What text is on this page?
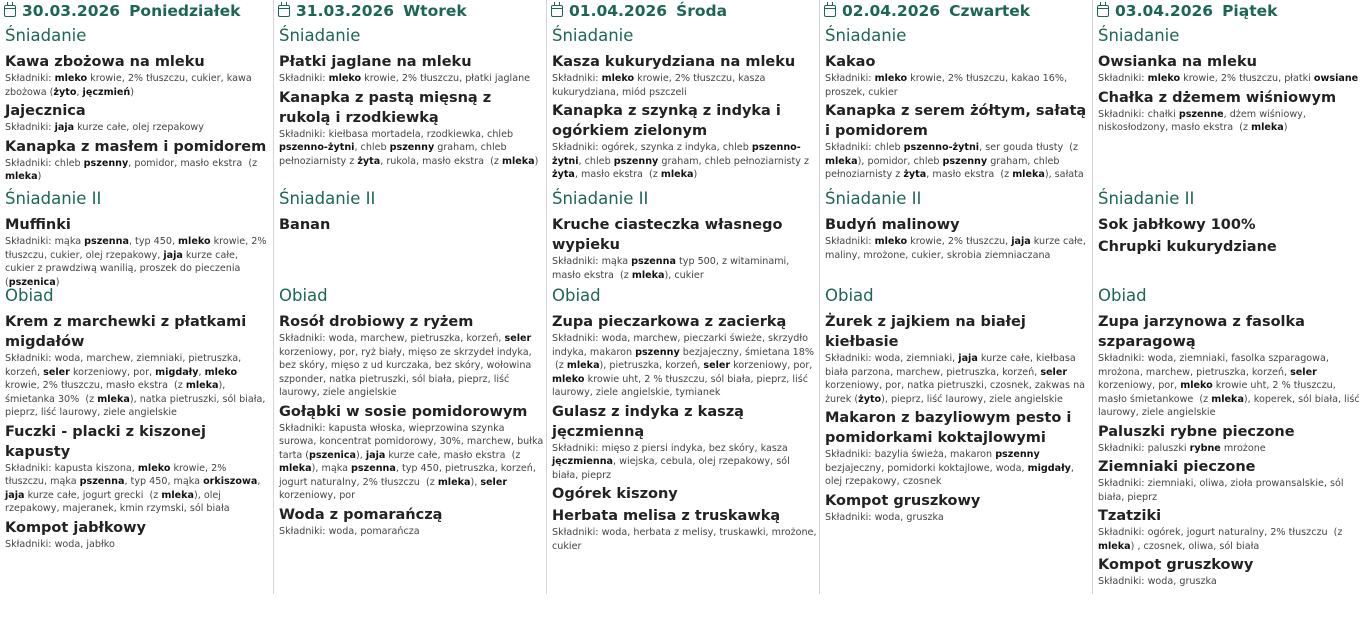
30.03.2026 Poniedziałek
Śniadanie
Kawa zbożowa na mleku
Składniki: mleko krowie, 2% tłuszczu, cukier, kawa zbożowa (żyto, jęczmień)
Jajecznica
Składniki: jaja kurze całe, olej rzepakowy
Kanapka z masłem i pomidorem
Składniki: chleb pszenny, pomidor, masło ekstra  (z mleka)
Śniadanie II
Muffinki
Składniki: mąka pszenna, typ 450, mleko krowie, 2% tłuszczu, cukier, olej rzepakowy, jaja kurze całe, cukier z prawdziwą wanilią, proszek do pieczenia (pszenica)
Obiad
Krem z marchewki z płatkami migdałów
Składniki: woda, marchew, ziemniaki, pietruszka, korzeń, seler korzeniowy, por, migdały, mleko krowie, 2% tłuszczu, masło ekstra  (z mleka), śmietanka 30%  (z mleka), natka pietruszki, sól biała, pieprz, liść laurowy, ziele angielskie
Fuczki - placki z kiszonej kapusty
Składniki: kapusta kiszona, mleko krowie, 2% tłuszczu, mąka pszenna, typ 450, mąka orkiszowa, jaja kurze całe, jogurt grecki  (z mleka), olej rzepakowy, majeranek, kmin rzymski, sól biała
Kompot jabłkowy
Składniki: woda, jabłko
31.03.2026 Wtorek
Śniadanie
Płatki jaglane na mleku
Składniki: mleko krowie, 2% tłuszczu, płatki jaglane
Kanapka z pastą mięsną z rukolą i rzodkiewką
Składniki: kiełbasa mortadela, rzodkiewka, chleb pszenno-żytni, chleb pszenny graham, chleb pełnoziarnisty z żyta, rukola, masło ekstra  (z mleka)
Śniadanie II
Banan
Obiad
Rosół drobiowy z ryżem
Składniki: woda, marchew, pietruszka, korzeń, seler korzeniowy, por, ryż biały, mięso ze skrzydeł indyka, bez skóry, mięso z ud kurczaka, bez skóry, wołowina szponder, natka pietruszki, sól biała, pieprz, liść laurowy, ziele angielskie
Gołąbki w sosie pomidorowym
Składniki: kapusta włoska, wieprzowina szynka surowa, koncentrat pomidorowy, 30%, marchew, bułka tarta (pszenica), jaja kurze całe, masło ekstra  (z mleka), mąka pszenna, typ 450, pietruszka, korzeń, jogurt naturalny, 2% tłuszczu  (z mleka), seler korzeniowy, por
Woda z pomarańczą
Składniki: woda, pomarańcza
01.04.2026 Środa
Śniadanie
Kasza kukurydziana na mleku
Składniki: mleko krowie, 2% tłuszczu, kasza kukurydziana, miód pszczeli
Kanapka z szynką z indyka i ogórkiem zielonym
Składniki: ogórek, szynka z indyka, chleb pszenno-żytni, chleb pszenny graham, chleb pełnoziarnisty z żyta, masło ekstra  (z mleka)
Śniadanie II
Kruche ciasteczka własnego wypieku
Składniki: mąka pszenna typ 500, z witaminami, masło ekstra  (z mleka), cukier
Obiad
Zupa pieczarkowa z zacierką
Składniki: woda, marchew, pieczarki świeże, skrzydło indyka, makaron pszenny bezjajeczny, śmietana 18%  (z mleka), pietruszka, korzeń, seler korzeniowy, por, mleko krowie uht, 2 % tłuszczu, sól biała, pieprz, liść laurowy, ziele angielskie, tymianek
Gulasz z indyka z kaszą jęczmienną
Składniki: mięso z piersi indyka, bez skóry, kasza jęczmienna, wiejska, cebula, olej rzepakowy, sól biała, pieprz
Ogórek kiszony
Herbata melisa z truskawką
Składniki: woda, herbata z melisy, truskawki, mrożone, cukier
02.04.2026 Czwartek
Śniadanie
Kakao
Składniki: mleko krowie, 2% tłuszczu, kakao 16%, proszek, cukier
Kanapka z serem żółtym, sałatą i pomidorem
Składniki: chleb pszenno-żytni, ser gouda tłusty  (z mleka), pomidor, chleb pszenny graham, chleb pełnoziarnisty z żyta, masło ekstra  (z mleka), sałata
Śniadanie II
Budyń malinowy
Składniki: mleko krowie, 2% tłuszczu, jaja kurze całe, maliny, mrożone, cukier, skrobia ziemniaczana
Obiad
Żurek z jajkiem na białej kiełbasie
Składniki: woda, ziemniaki, jaja kurze całe, kiełbasa biała parzona, marchew, pietruszka, korzeń, seler korzeniowy, por, natka pietruszki, czosnek, zakwas na żurek (żyto), pieprz, liść laurowy, ziele angielskie
Makaron z bazyliowym pesto i pomidorkami koktajlowymi
Składniki: bazylia świeża, makaron pszenny bezjajeczny, pomidorki koktajlowe, woda, migdały, olej rzepakowy, czosnek
Kompot gruszkowy
Składniki: woda, gruszka
03.04.2026 Piątek
Śniadanie
Owsianka na mleku
Składniki: mleko krowie, 2% tłuszczu, płatki owsiane
Chałka z dżemem wiśniowym
Składniki: chałki pszenne, dżem wiśniowy, niskosłodzony, masło ekstra  (z mleka)
Śniadanie II
Sok jabłkowy 100%
Chrupki kukurydziane
Obiad
Zupa jarzynowa z fasolka szparagową
Składniki: woda, ziemniaki, fasolka szparagowa, mrożona, marchew, pietruszka, korzeń, seler korzeniowy, por, mleko krowie uht, 2 % tłuszczu, masło śmietankowe  (z mleka), koperek, sól biała, liść laurowy, ziele angielskie
Paluszki rybne pieczone
Składniki: paluszki rybne mrożone
Ziemniaki pieczone
Składniki: ziemniaki, oliwa, zioła prowansalskie, sól biała, pieprz
Tzatziki
Składniki: ogórek, jogurt naturalny, 2% tłuszczu  (z mleka) , czosnek, oliwa, sól biała
Kompot gruszkowy
Składniki: woda, gruszka
